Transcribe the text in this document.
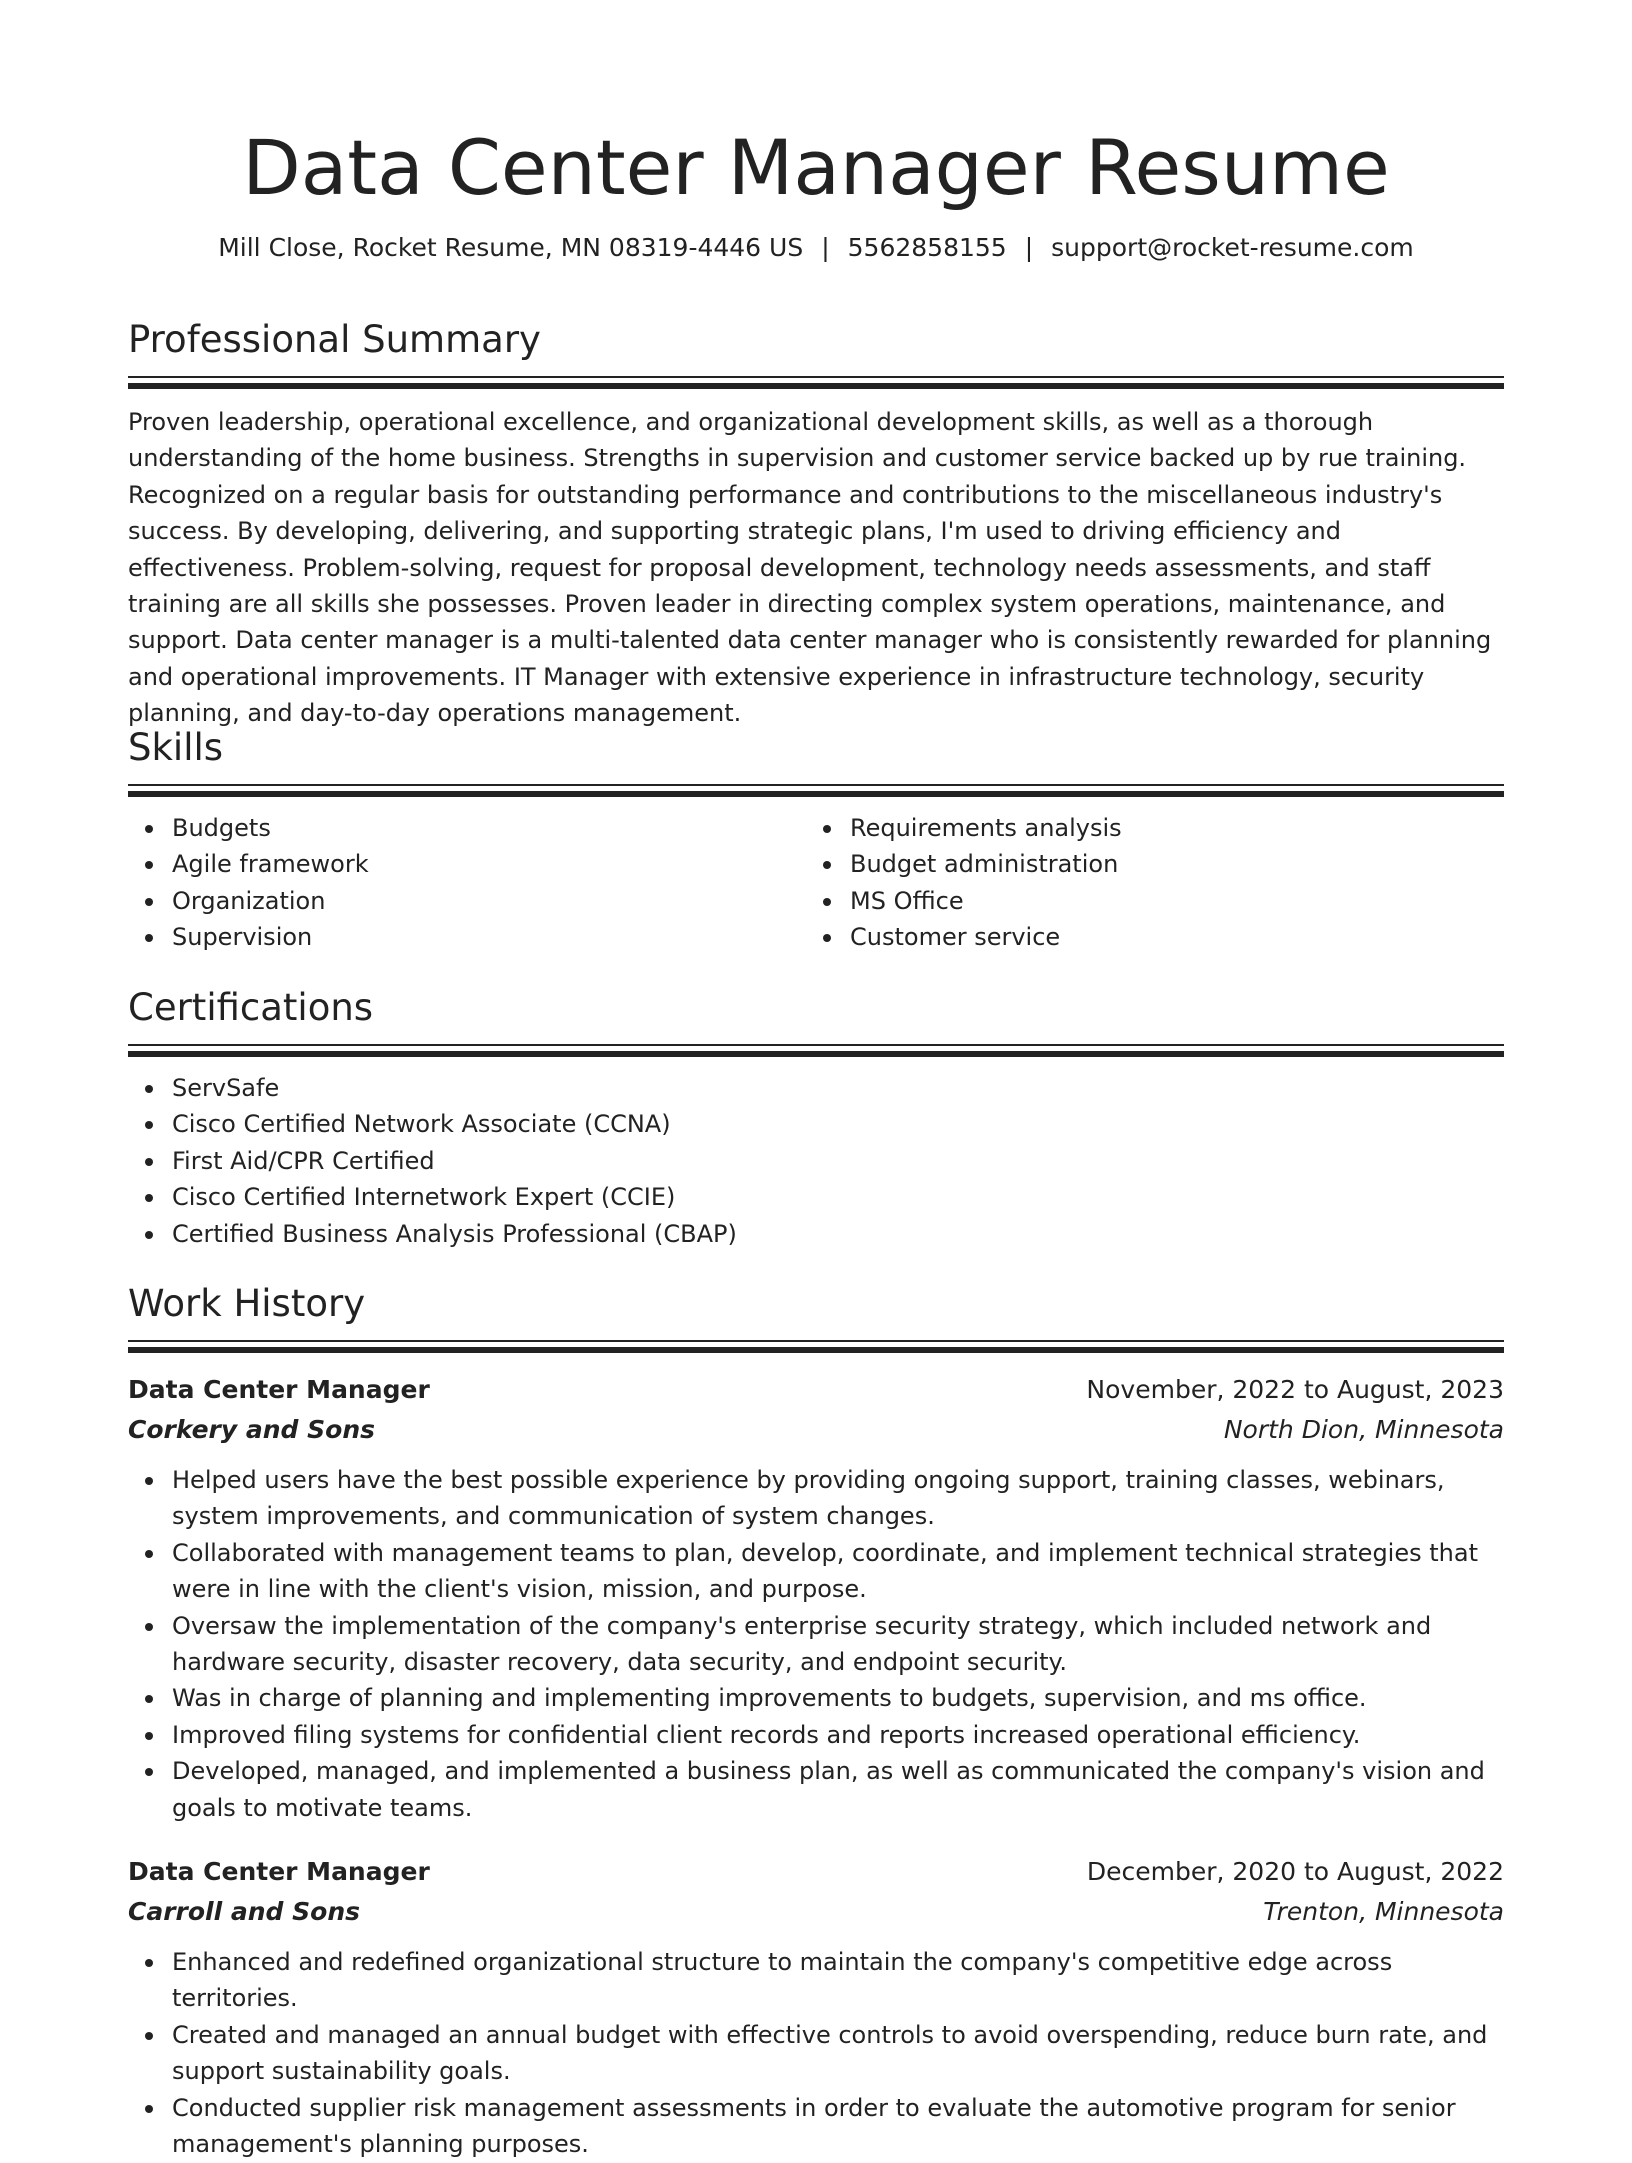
Data Center Manager Resume
Mill Close, Rocket Resume, MN 08319-4446 US | 5562858155 | support@rocket-resume.com
Professional Summary

Proven leadership, operational excellence, and organizational development skills, as well as a thorough understanding of the home business. Strengths in supervision and customer service backed up by rue training. Recognized on a regular basis for outstanding performance and contributions to the miscellaneous industry's success. By developing, delivering, and supporting strategic plans, I'm used to driving efficiency and effectiveness. Problem-solving, request for proposal development, technology needs assessments, and staff training are all skills she possesses. Proven leader in directing complex system operations, maintenance, and support. Data center manager is a multi-talented data center manager who is consistently rewarded for planning and operational improvements. IT Manager with extensive experience in infrastructure technology, security planning, and day-to-day operations management.

Skills
Budgets
Agile framework
Organization
Supervision
Requirements analysis
Budget administration
MS Office
Customer service
Certifications
ServSafe
Cisco Certified Network Associate (CCNA)
First Aid/CPR Certified
Cisco Certified Internetwork Expert (CCIE)
Certified Business Analysis Professional (CBAP)
Work History
Data Center Manager	November, 2022 to August, 2023
Corkery and Sons	North Dion, Minnesota
Helped users have the best possible experience by providing ongoing support, training classes, webinars, system improvements, and communication of system changes.
Collaborated with management teams to plan, develop, coordinate, and implement technical strategies that were in line with the client's vision, mission, and purpose.
Oversaw the implementation of the company's enterprise security strategy, which included network and hardware security, disaster recovery, data security, and endpoint security.
Was in charge of planning and implementing improvements to budgets, supervision, and ms office.
Improved filing systems for confidential client records and reports increased operational efficiency.
Developed, managed, and implemented a business plan, as well as communicated the company's vision and goals to motivate teams.
Data Center Manager	December, 2020 to August, 2022
Carroll and Sons	Trenton, Minnesota
Enhanced and redefined organizational structure to maintain the company's competitive edge across territories.
Created and managed an annual budget with effective controls to avoid overspending, reduce burn rate, and support sustainability goals.
Conducted supplier risk management assessments in order to evaluate the automotive program for senior management's planning purposes.
